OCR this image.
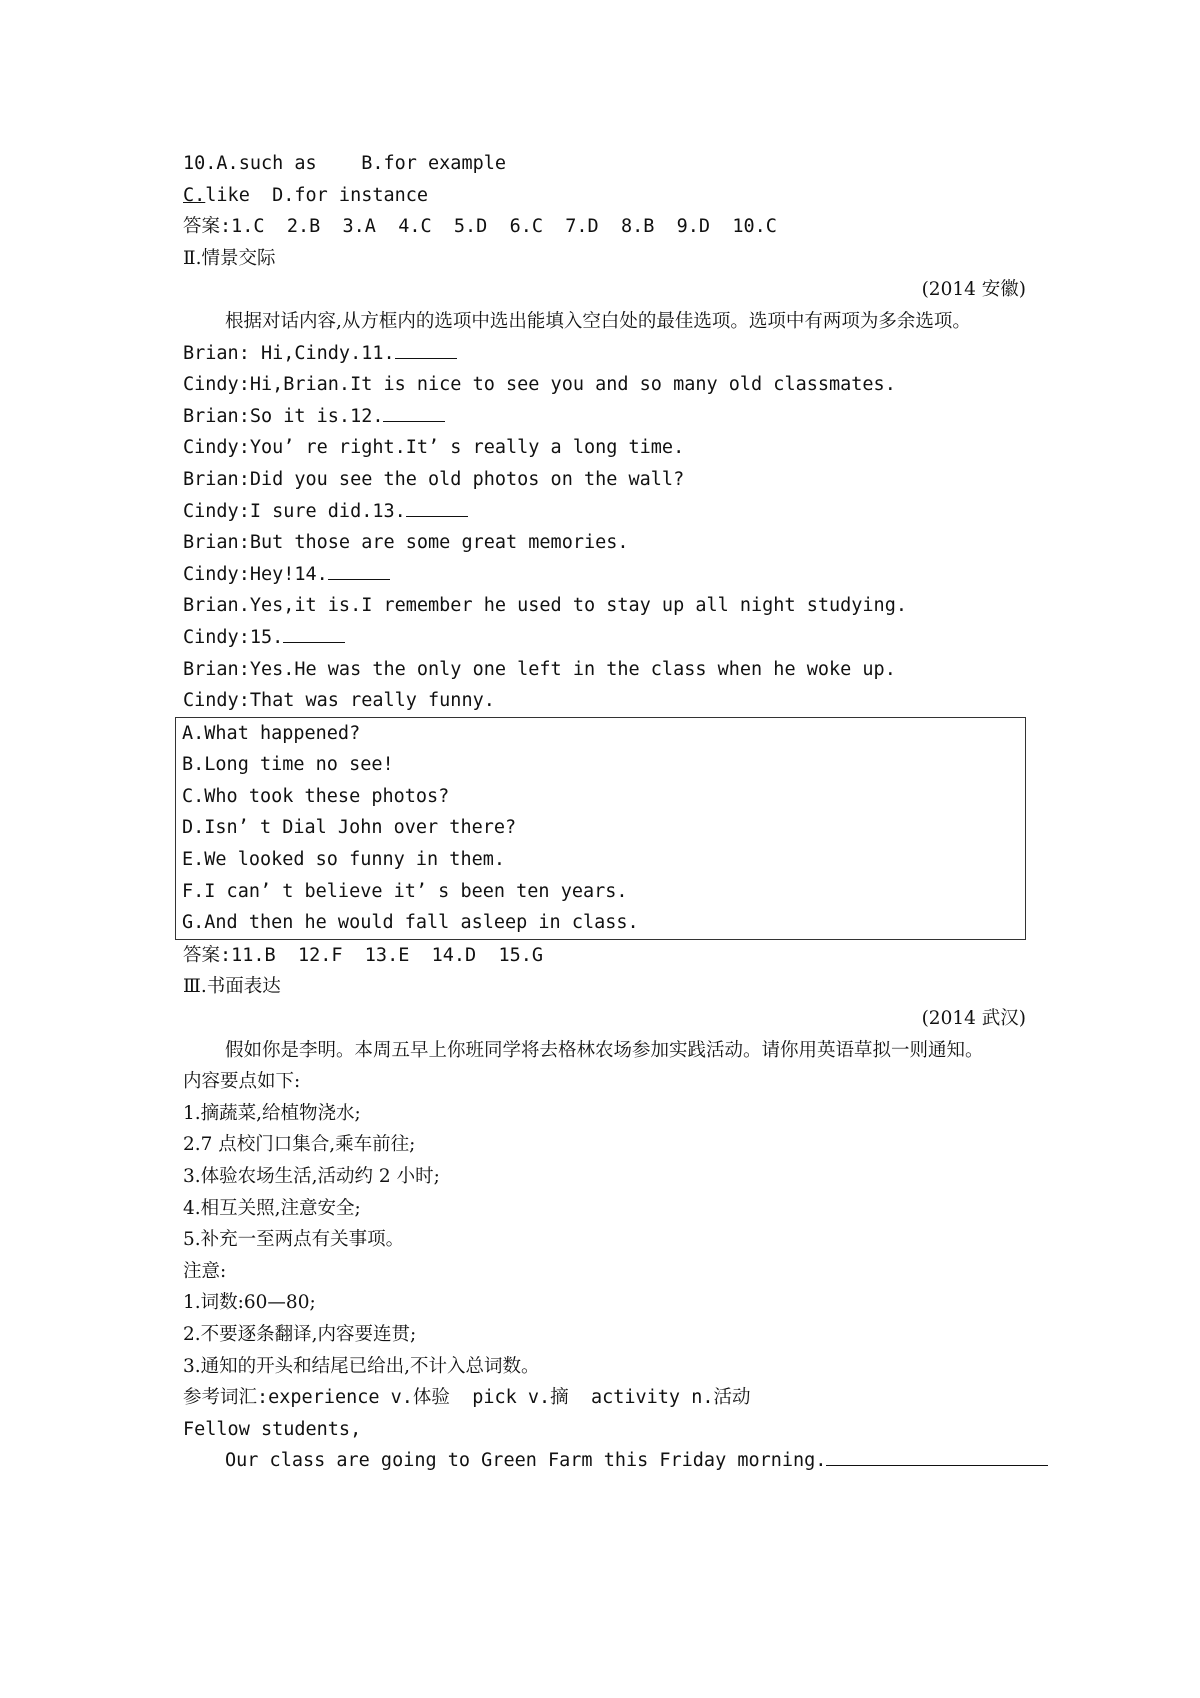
10.A.such as    B.for example
C.like  D.for instance
答案:1.C  2.B  3.A  4.C  5.D  6.C  7.D  8.B  9.D  10.C
Ⅱ.情景交际
(2014 安徽)
根据对话内容,从方框内的选项中选出能填入空白处的最佳选项。选项中有两项为多余选项。
Brian: Hi,Cindy.11.
Cindy:Hi,Brian.It is nice to see you and so many old classmates.
Brian:So it is.12.
Cindy:You’ re right.It’ s really a long time.
Brian:Did you see the old photos on the wall?
Cindy:I sure did.13.
Brian:But those are some great memories.
Cindy:Hey!14.
Brian.Yes,it is.I remember he used to stay up all night studying.
Cindy:15.
Brian:Yes.He was the only one left in the class when he woke up.
Cindy:That was really funny.
A.What happened?
B.Long time no see!
C.Who took these photos?
D.Isn’ t Dial John over there?
E.We looked so funny in them.
F.I can’ t believe it’ s been ten years.
G.And then he would fall asleep in class.
答案:11.B  12.F  13.E  14.D  15.G
Ⅲ.书面表达
(2014 武汉)
假如你是李明。本周五早上你班同学将去格林农场参加实践活动。请你用英语草拟一则通知。
内容要点如下:
1.摘蔬菜,给植物浇水;
2.7 点校门口集合,乘车前往;
3.体验农场生活,活动约 2 小时;
4.相互关照,注意安全;
5.补充一至两点有关事项。
注意:
1.词数:60—80;
2.不要逐条翻译,内容要连贯;
3.通知的开头和结尾已给出,不计入总词数。
参考词汇:experience v.体验  pick v.摘  activity n.活动
Fellow students,
Our class are going to Green Farm this Friday morning.
